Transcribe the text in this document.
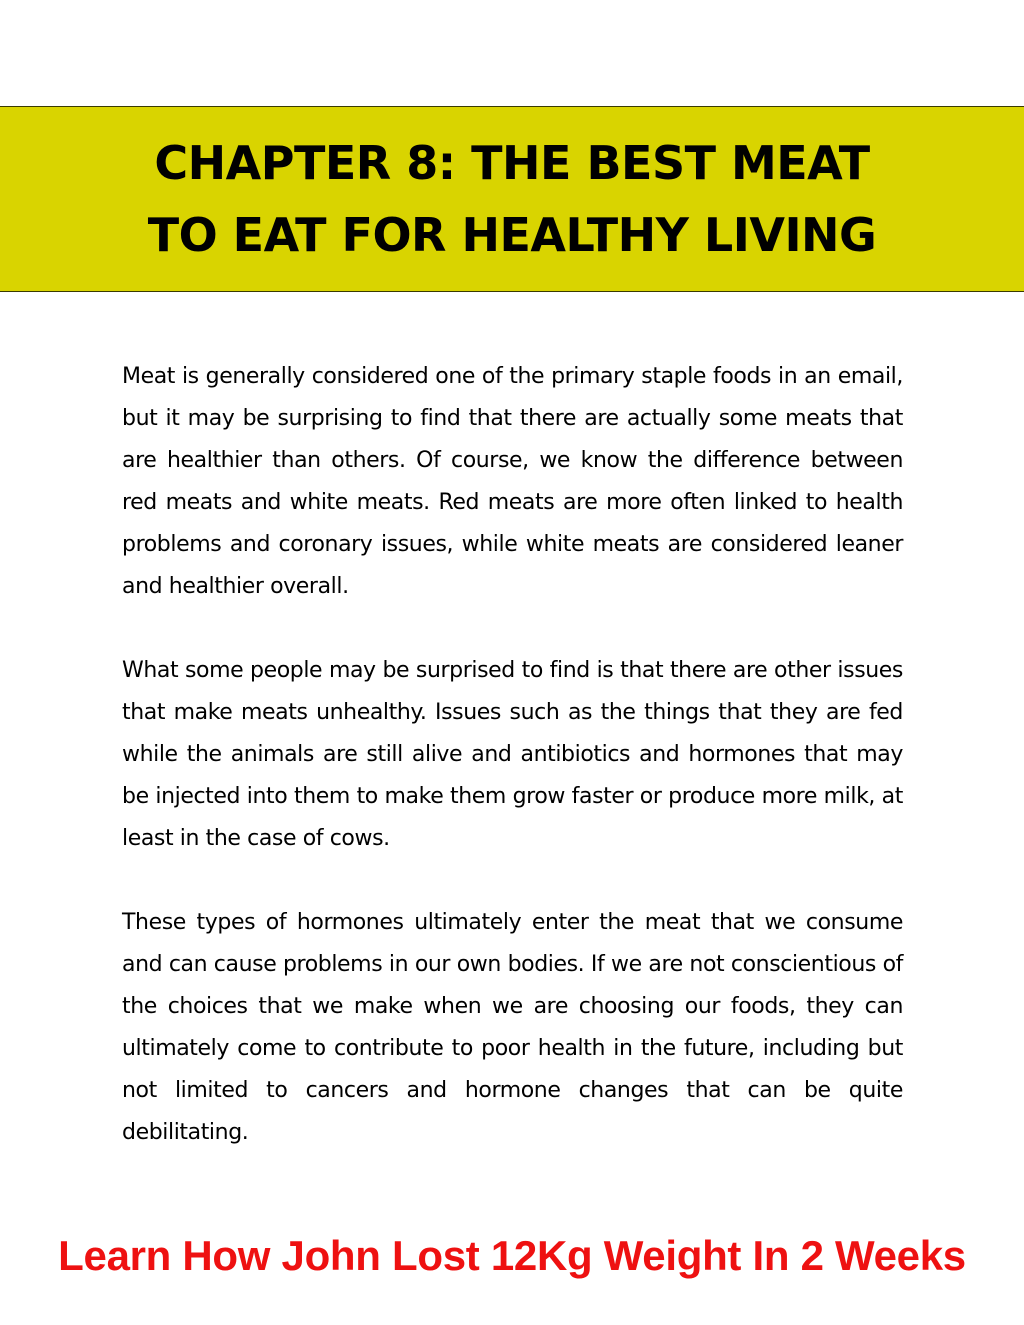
CHAPTER 8: THE BEST MEAT
TO EAT FOR HEALTHY LIVING

Meat is generally considered one of the primary staple foods in an email, but it may be surprising to find that there are actually some meats that are healthier than others. Of course, we know the difference between red meats and white meats. Red meats are more often linked to health problems and coronary issues, while white meats are considered leaner and healthier overall.

What some people may be surprised to find is that there are other issues that make meats unhealthy. Issues such as the things that they are fed while the animals are still alive and antibiotics and hormones that may be injected into them to make them grow faster or produce more milk, at least in the case of cows.

These types of hormones ultimately enter the meat that we consume and can cause problems in our own bodies. If we are not conscientious of the choices that we make when we are choosing our foods, they can ultimately come to contribute to poor health in the future, including but not limited to cancers and hormone changes that can be quite debilitating.

Learn How John Lost 12Kg Weight In 2 Weeks
